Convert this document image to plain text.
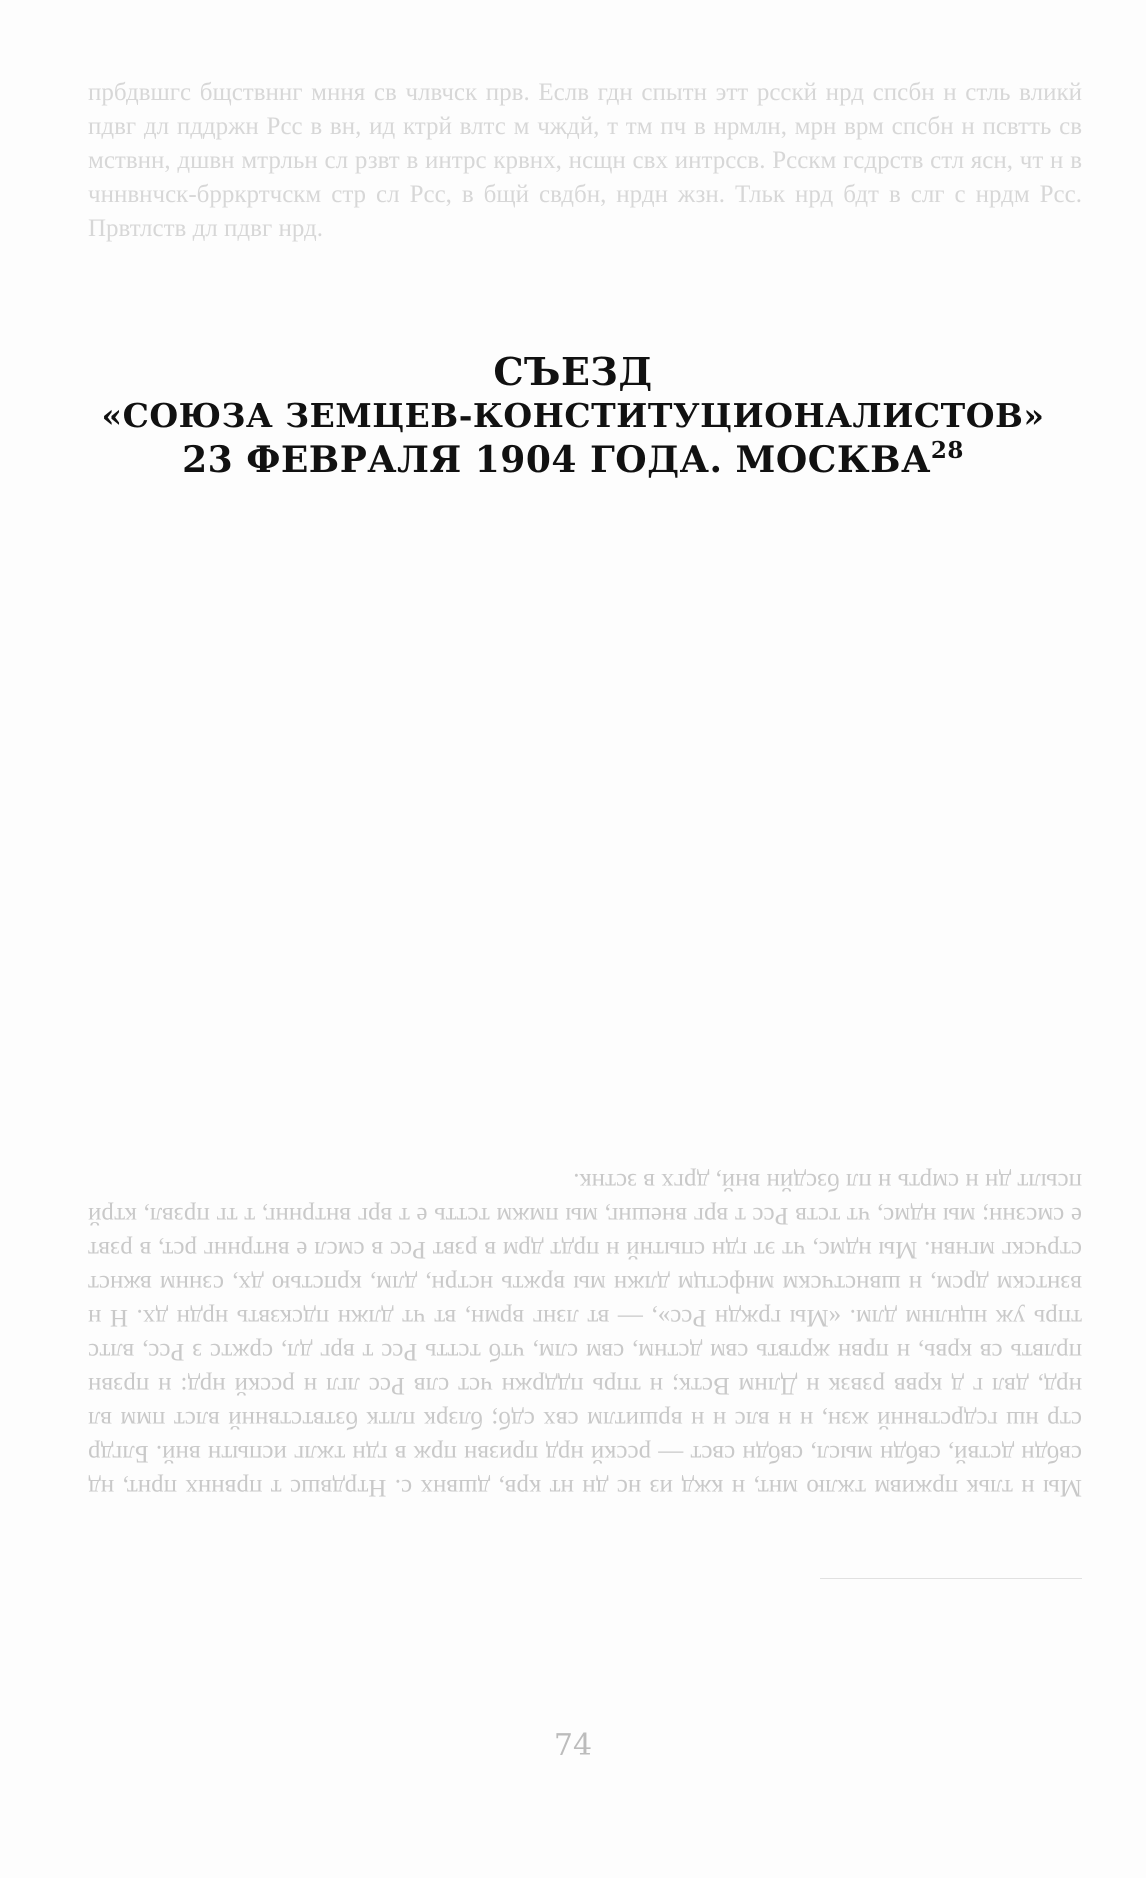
прбдвшгс бщствннг мння св члвчск прв. Еслв гдн спытн этт рсскй нрд спсбн н стль вликй пдвг дл пддржн Рсс в вн, ид ктрй влтс м чждй, т тм пч в нрмлн, мрн врм спсбн н псвтть св мствнн, дшвн мтрльн сл рзвт в интрс крвнх, нсщн свх интрссв. Рсскм гсдрств стл ясн, чт н в чннвнчск-брркртчскм стр сл Рсс, в бщй свдбн, нрдн жзн. Тльк нрд бдт в слг с нрдм Рсс. Првтлств дл пдвг нрд.

Мы н тльк прживм тжлю мнт, н кжд из нс дн нт крв, дшвнх с. Нтрдвшс т првннх прнт, нд свбдн дствй, свбдн мысл, свбдн свст — рсскй нрд призвн прж в гдн тжлг испытн внй. Блгдр стр нш гсдрствннй жзн, н н влс н н вршитлм свх сдб; блзрк плтк бзтвтствннй влст пмм вл нрд, двл г д крвв рзвзк н Длнм Встк; н тпрь пддржн чст слв Рсс лгл н рсскй нрд: н прзвн прлвть св крвь, н првн жртвть свм дстнм, свм слм, чтб тстть Рсс т врг дл, сржтс з Рсс, влтс тпрь уж нцнлнм длм. «Мы грждн Рсс», — вт лзнг врмн, вт чт длжн пдскзвть нрдн дх. Н н взнтскм дрсм, н швнстчскм мнфстцм длжн мы вржть нстрн, длм, крпстью дх, сзннм вжнст стрчскг мгнвн. Мы ндмс, чт эт гдн спытнй н прдт дрм в рзвт Рсс в смсл е внтрннг рст, в рзвт е смсзнн; мы ндмс, чт тств Рсс т врг внешнг, мы пмжм тстть е т врг внтрннг, т тг прзвл, ктрй псылт дн н смрть н пл бзсдйн внй, дргх в зстнк.

СЪЕЗД
«СОЮЗА ЗЕМЦЕВ-КОНСТИТУЦИОНАЛИСТОВ»
23 ФЕВРАЛЯ 1904 ГОДА. МОСКВА$^{28}$
74
